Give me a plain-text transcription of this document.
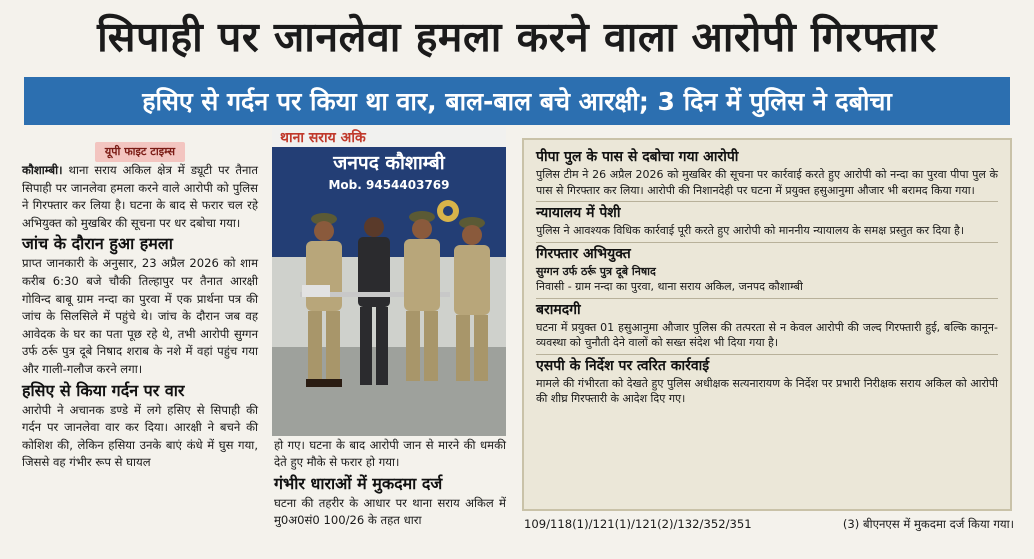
सिपाही पर जानलेवा हमला करने वाला आरोपी गिरफ्तार
हसिए से गर्दन पर किया था वार, बाल-बाल बचे आरक्षी; 3 दिन में पुलिस ने दबोचा
यूपी फाइट टाइम्स

कौशाम्बी। थाना सराय अकिल क्षेत्र में ड्यूटी पर तैनात सिपाही पर जानलेवा हमला करने वाले आरोपी को पुलिस ने गिरफ्तार कर लिया है। घटना के बाद से फरार चल रहे अभियुक्त को मुखबिर की सूचना पर धर दबोचा गया।

जांच के दौरान हुआ हमला

प्राप्त जानकारी के अनुसार, 23 अप्रैल 2026 को शाम करीब 6:30 बजे चौकी तिल्हापुर पर तैनात आरक्षी गोविन्द बाबू ग्राम नन्दा का पुरवा में एक प्रार्थना पत्र की जांच के सिलसिले में पहुंचे थे। जांच के दौरान जब वह आवेदक के घर का पता पूछ रहे थे, तभी आरोपी सुग्गन उर्फ ठर्रू पुत्र दूबे निषाद शराब के नशे में वहां पहुंच गया और गाली-गलौज करने लगा।

हसिए से किया गर्दन पर वार

आरोपी ने अचानक डण्डे में लगे हसिए से सिपाही की गर्दन पर जानलेवा वार कर दिया। आरक्षी ने बचने की कोशिश की, लेकिन हसिया उनके बाएं कंधे में घुस गया, जिससे वह गंभीर रूप से घायल

थाना सराय अकि
जनपद कौशाम्बी
Mob. 9454403769

हो गए। घटना के बाद आरोपी जान से मारने की धमकी देते हुए मौके से फरार हो गया।

गंभीर धाराओं में मुकदमा दर्ज

घटना की तहरीर के आधार पर थाना सराय अकिल में मु0अ0सं0 100/26 के तहत धारा

पीपा पुल के पास से दबोचा गया आरोपी

पुलिस टीम ने 26 अप्रैल 2026 को मुखबिर की सूचना पर कार्रवाई करते हुए आरोपी को नन्दा का पुरवा पीपा पुल के पास से गिरफ्तार कर लिया। आरोपी की निशानदेही पर घटना में प्रयुक्त हसुआनुमा औजार भी बरामद किया गया।

न्यायालय में पेशी

पुलिस ने आवश्यक विधिक कार्रवाई पूरी करते हुए आरोपी को माननीय न्यायालय के समक्ष प्रस्तुत कर दिया है।

गिरफ्तार अभियुक्त

सुग्गन उर्फ ठर्रू पुत्र दूबे निषाद
निवासी - ग्राम नन्दा का पुरवा, थाना सराय अकिल, जनपद कौशाम्बी

बरामदगी

घटना में प्रयुक्त 01 हसुआनुमा औजार पुलिस की तत्परता से न केवल आरोपी की जल्द गिरफ्तारी हुई, बल्कि कानून-व्यवस्था को चुनौती देने वालों को सख्त संदेश भी दिया गया है।

एसपी के निर्देश पर त्वरित कार्रवाई

मामले की गंभीरता को देखते हुए पुलिस अधीक्षक सत्यनारायण के निर्देश पर प्रभारी निरीक्षक सराय अकिल को आरोपी की शीघ्र गिरफ्तारी के आदेश दिए गए।

109/118(1)/121(1)/121(2)/132/352/351	(3) बीएनएस में मुकदमा दर्ज किया गया।
